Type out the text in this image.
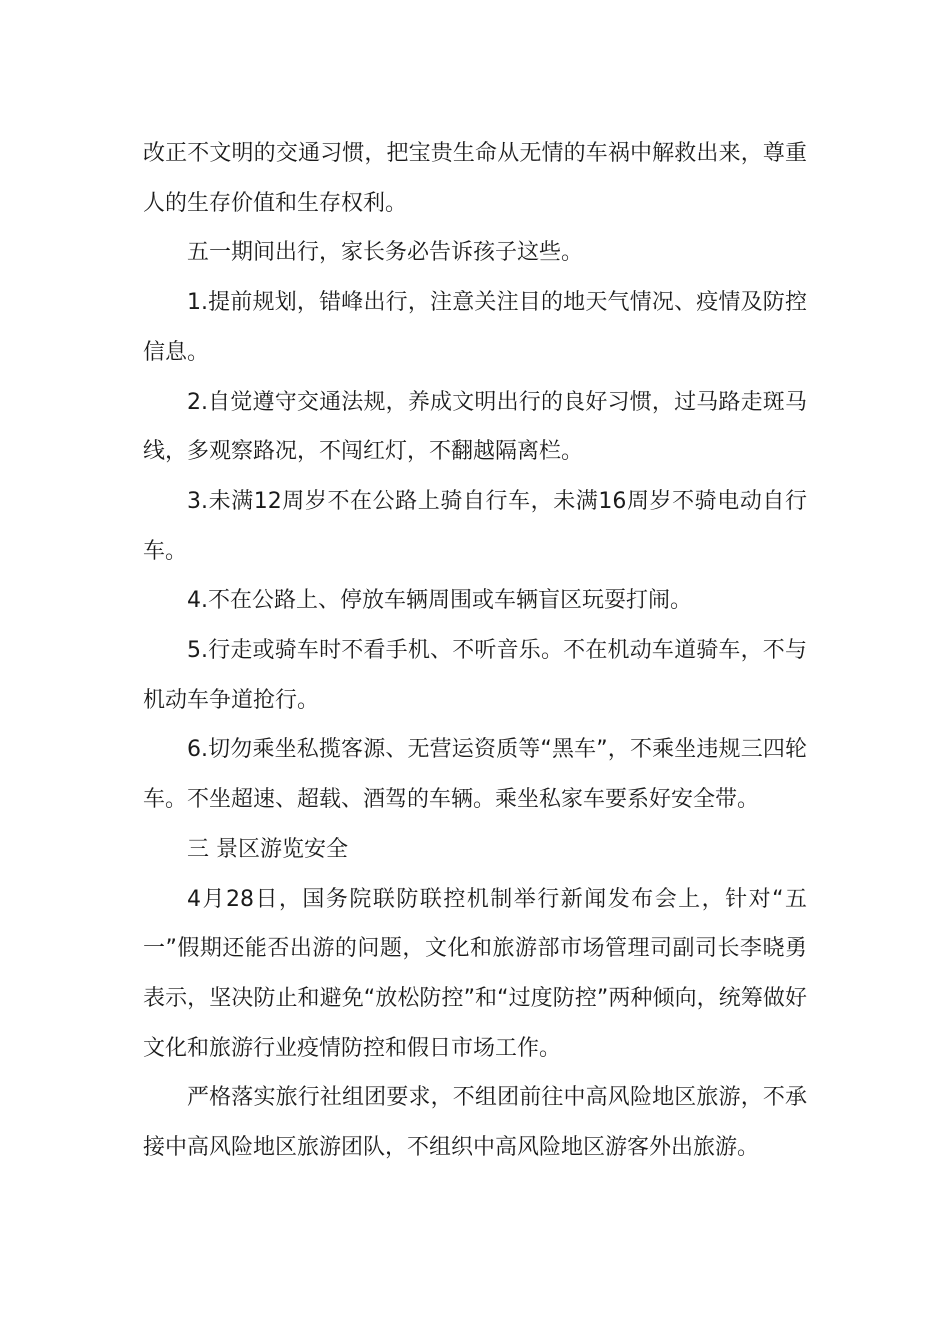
改正不文明的交通习惯，把宝贵生命从无情的车祸中解救出来，尊重人的生存价值和生存权利。

五一期间出行，家长务必告诉孩子这些。

1.提前规划，错峰出行，注意关注目的地天气情况、疫情及防控信息。

2.自觉遵守交通法规，养成文明出行的良好习惯，过马路走斑马线，多观察路况，不闯红灯，不翻越隔离栏。

3.未满12周岁不在公路上骑自行车，未满16周岁不骑电动自行车。

4.不在公路上、停放车辆周围或车辆盲区玩耍打闹。

5.行走或骑车时不看手机、不听音乐。不在机动车道骑车，不与机动车争道抢行。

6.切勿乘坐私揽客源、无营运资质等“黑车”，不乘坐违规三四轮车。不坐超速、超载、酒驾的车辆。乘坐私家车要系好安全带。

三 景区游览安全

4月28日，国务院联防联控机制举行新闻发布会上，针对“五一”假期还能否出游的问题，文化和旅游部市场管理司副司长李晓勇表示，坚决防止和避免“放松防控”和“过度防控”两种倾向，统筹做好文化和旅游行业疫情防控和假日市场工作。

严格落实旅行社组团要求，不组团前往中高风险地区旅游，不承接中高风险地区旅游团队，不组织中高风险地区游客外出旅游。
